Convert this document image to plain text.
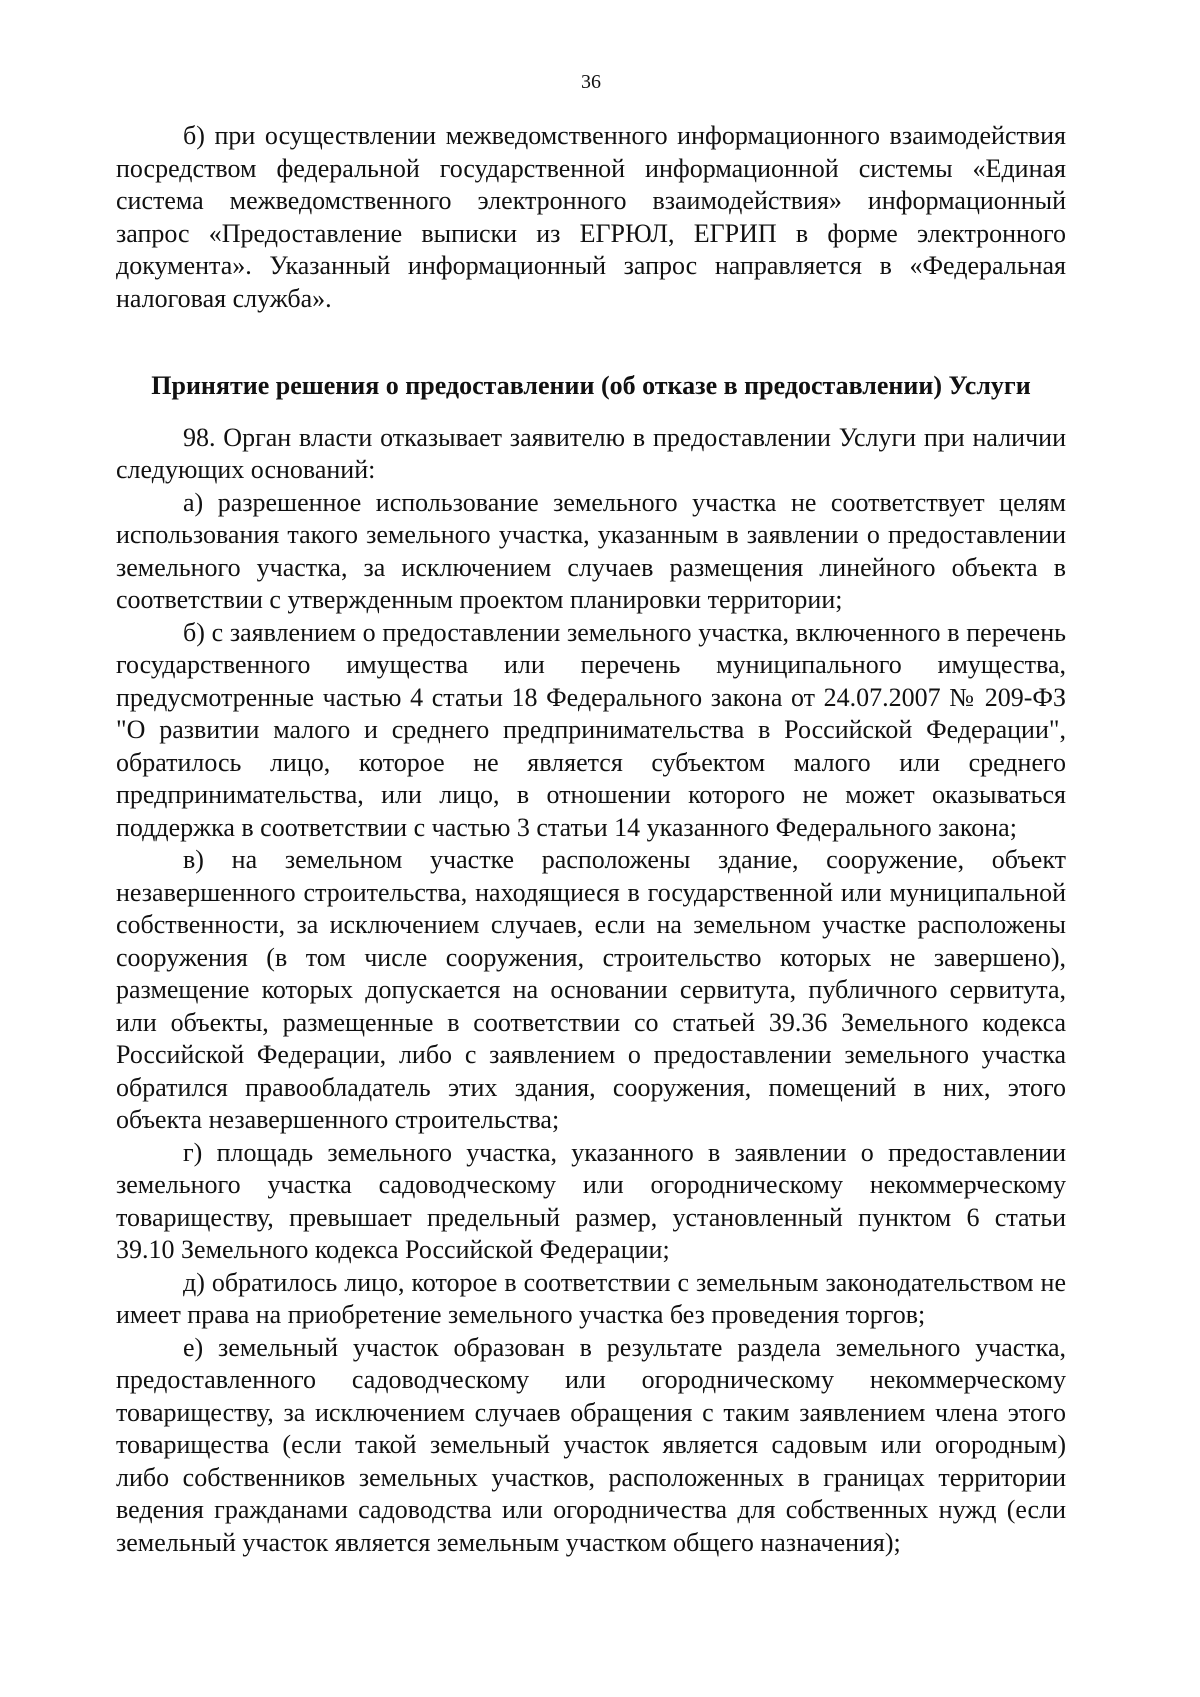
36

б) при осуществлении межведомственного информационного взаимодействия посредством федеральной государственной информационной системы «Единая система межведомственного электронного взаимодействия» информационный запрос «Предоставление выписки из ЕГРЮЛ, ЕГРИП в форме электронного документа». Указанный информационный запрос направляется в «Федеральная налоговая служба».

Принятие решения о предоставлении (об отказе в предоставлении) Услуги

98. Орган власти отказывает заявителю в предоставлении Услуги при наличии следующих оснований:

а) разрешенное использование земельного участка не соответствует целям использования такого земельного участка, указанным в заявлении о предоставлении земельного участка, за исключением случаев размещения линейного объекта в соответствии с утвержденным проектом планировки территории;

б) с заявлением о предоставлении земельного участка, включенного в перечень государственного имущества или перечень муниципального имущества, предусмотренные частью 4 статьи 18 Федерального закона от 24.07.2007 № 209-ФЗ "О развитии малого и среднего предпринимательства в Российской Федерации", обратилось лицо, которое не является субъектом малого или среднего предпринимательства, или лицо, в отношении которого не может оказываться поддержка в соответствии с частью 3 статьи 14 указанного Федерального закона;

в) на земельном участке расположены здание, сооружение, объект незавершенного строительства, находящиеся в государственной или муниципальной собственности, за исключением случаев, если на земельном участке расположены сооружения (в том числе сооружения, строительство которых не завершено), размещение которых допускается на основании сервитута, публичного сервитута, или объекты, размещенные в соответствии со статьей 39.36 Земельного кодекса Российской Федерации, либо с заявлением о предоставлении земельного участка обратился правообладатель этих здания, сооружения, помещений в них, этого объекта незавершенного строительства;

г) площадь земельного участка, указанного в заявлении о предоставлении земельного участка садоводческому или огородническому некоммерческому товариществу, превышает предельный размер, установленный пунктом 6 статьи 39.10 Земельного кодекса Российской Федерации;

д) обратилось лицо, которое в соответствии с земельным законодательством не имеет права на приобретение земельного участка без проведения торгов;

е) земельный участок образован в результате раздела земельного участка, предоставленного садоводческому или огородническому некоммерческому товариществу, за исключением случаев обращения с таким заявлением члена этого товарищества (если такой земельный участок является садовым или огородным) либо собственников земельных участков, расположенных в границах территории ведения гражданами садоводства или огородничества для собственных нужд (если земельный участок является земельным участком общего назначения);
